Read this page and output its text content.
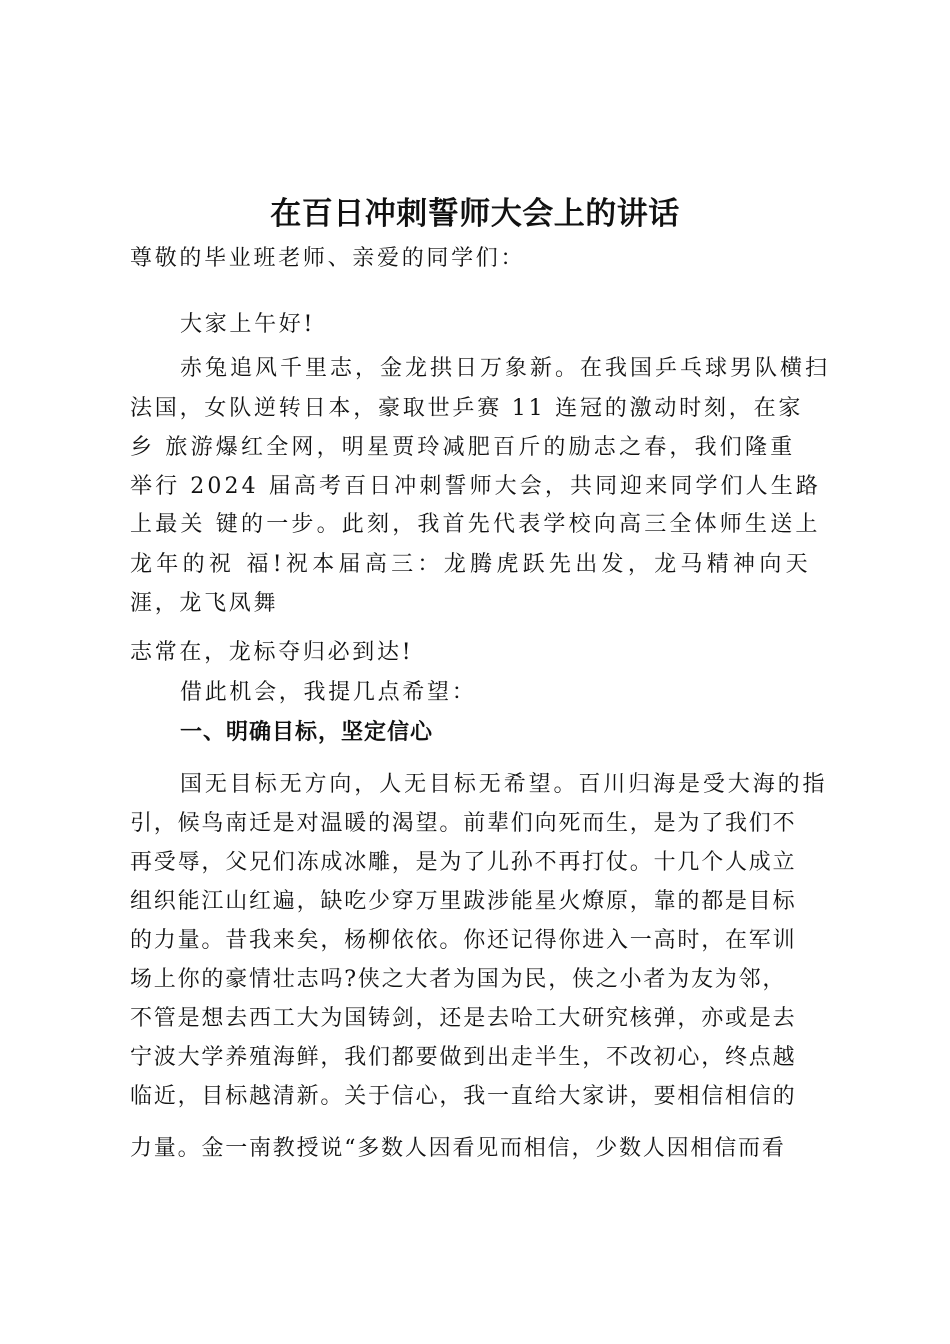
在百日冲刺誓师大会上的讲话
尊敬的毕业班老师、亲爱的同学们：
大家上午好!
赤兔追风千里志，金龙拱日万象新。在我国乒乓球男队横扫
法国，女队逆转日本，豪取世乒赛 11 连冠的激动时刻，在家
乡 旅游爆红全网，明星贾玲减肥百斤的励志之春，我们隆重
举行 2024 届高考百日冲刺誓师大会，共同迎来同学们人生路
上最关 键的一步。此刻，我首先代表学校向高三全体师生送上
龙年的祝 福!祝本届高三：龙腾虎跃先出发，龙马精神向天
涯，龙飞凤舞
志常在，龙标夺归必到达!
借此机会，我提几点希望：
一、明确目标，坚定信心
国无目标无方向，人无目标无希望。百川归海是受大海的指
引，候鸟南迁是对温暖的渴望。前辈们向死而生，是为了我们不
再受辱，父兄们冻成冰雕，是为了儿孙不再打仗。十几个人成立
组织能江山红遍，缺吃少穿万里跋涉能星火燎原，靠的都是目标
的力量。昔我来矣，杨柳依依。你还记得你进入一高时，在军训
场上你的豪情壮志吗?侠之大者为国为民，侠之小者为友为邻，
不管是想去西工大为国铸剑，还是去哈工大研究核弹，亦或是去
宁波大学养殖海鲜，我们都要做到出走半生，不改初心，终点越
临近，目标越清新。关于信心，我一直给大家讲，要相信相信的
力量。金一南教授说“多数人因看见而相信，少数人因相信而看
